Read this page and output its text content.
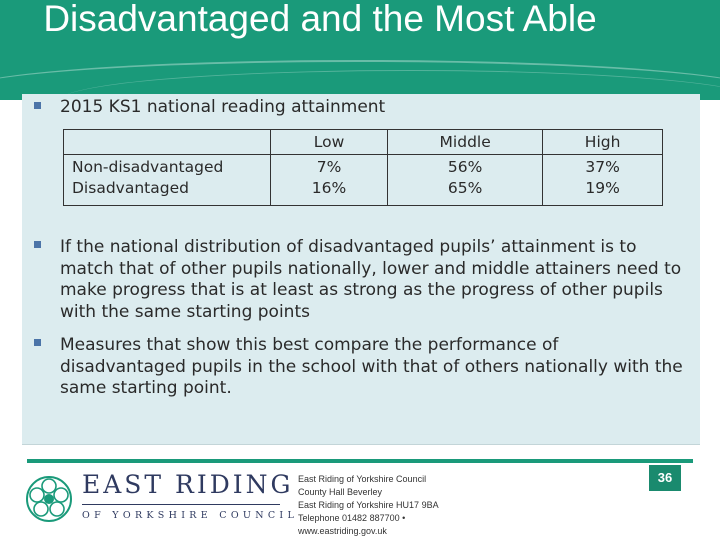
Disadvantaged and the Most Able
2015 KS1 national reading attainment
	Low	Middle	High
Non-disadvantaged	7%	56%	37%
Disadvantaged	16%	65%	19%
If the national distribution of disadvantaged pupils’ attainment is to match that of other pupils nationally, lower and middle attainers need to make progress that is at least as strong as the progress of other pupils with the same starting points
Measures that show this best compare the performance of disadvantaged pupils in the school with that of others nationally with the same starting point.
EAST RIDING
OF YORKSHIRE COUNCIL
East Riding of Yorkshire Council
County Hall Beverley
East Riding of Yorkshire HU17 9BA
Telephone 01482 887700 •
www.eastriding.gov.uk
36
